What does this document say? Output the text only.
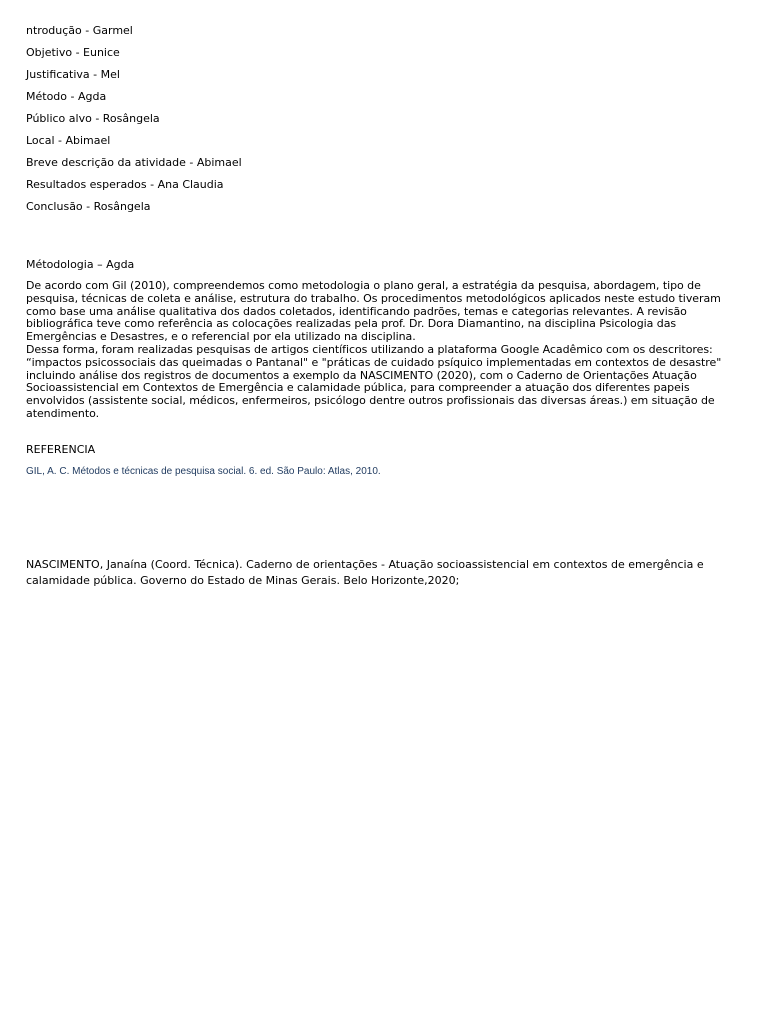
ntrodução - Garmel
Objetivo - Eunice
Justificativa - Mel
Método - Agda
Público alvo - Rosângela
Local - Abimael
Breve descrição da atividade - Abimael
Resultados esperados - Ana Claudia
Conclusão - Rosângela
Métodologia – Agda

De acordo com Gil (2010), compreendemos como metodologia o plano geral, a estratégia da pesquisa, abordagem, tipo de pesquisa, técnicas de coleta e análise, estrutura do trabalho. Os procedimentos metodológicos aplicados neste estudo tiveram como base uma análise qualitativa dos dados coletados, identificando padrões, temas e categorias relevantes. A revisão bibliográfica teve como referência as colocações realizadas pela prof. Dr. Dora Diamantino, na disciplina Psicologia das Emergências e Desastres, e o referencial por ela utilizado na disciplina.

Dessa forma, foram realizadas pesquisas de artigos científicos utilizando a plataforma Google Acadêmico com os descritores: “impactos psicossociais das queimadas o Pantanal" e "práticas de cuidado psíquico implementadas em contextos de desastre" incluindo análise dos registros de documentos a exemplo da NASCIMENTO (2020), com o Caderno de Orientações Atuação Socioassistencial em Contextos de Emergência e calamidade pública, para compreender a atuação dos diferentes papeis envolvidos (assistente social, médicos, enfermeiros, psicólogo dentre outros profissionais das diversas áreas.) em situação de atendimento.

REFERENCIA
GIL, A. C. Métodos e técnicas de pesquisa social. 6. ed. São Paulo: Atlas, 2010.
NASCIMENTO, Janaína (Coord. Técnica). Caderno de orientações - Atuação socioassistencial em contextos de emergência e calamidade pública. Governo do Estado de Minas Gerais. Belo Horizonte,2020;
